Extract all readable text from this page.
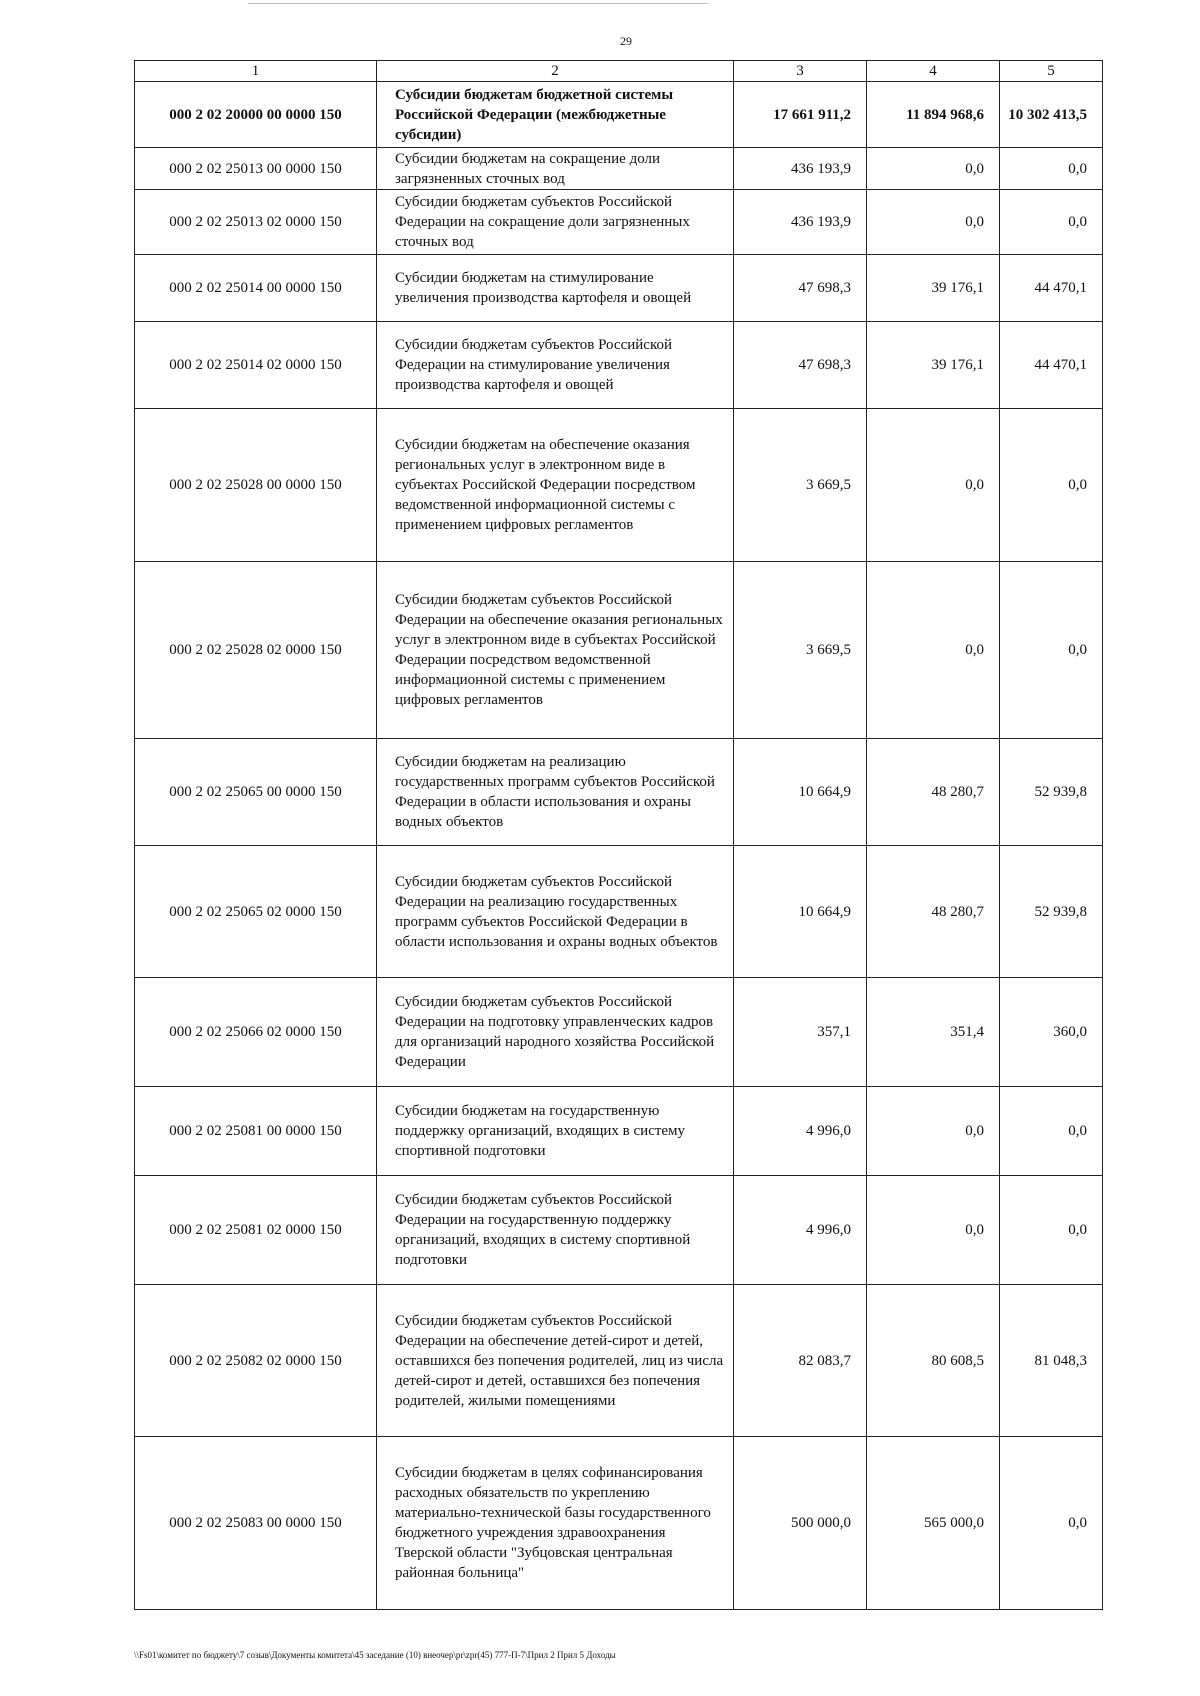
29
1	2	3	4	5
000 2 02 20000 00 0000 150	Субсидии бюджетам бюджетной системы Российской Федерации (межбюджетные субсидии)	17 661 911,2	11 894 968,6	10 302 413,5
000 2 02 25013 00 0000 150	Субсидии бюджетам на сокращение доли загрязненных сточных вод	436 193,9	0,0	0,0
000 2 02 25013 02 0000 150	Субсидии бюджетам субъектов Российской Федерации на сокращение доли загрязненных сточных вод	436 193,9	0,0	0,0
000 2 02 25014 00 0000 150	Субсидии бюджетам на стимулирование увеличения производства картофеля и овощей	47 698,3	39 176,1	44 470,1
000 2 02 25014 02 0000 150	Субсидии бюджетам субъектов Российской Федерации на стимулирование увеличения производства картофеля и овощей	47 698,3	39 176,1	44 470,1
000 2 02 25028 00 0000 150	Субсидии бюджетам на обеспечение оказания региональных услуг в электронном виде в субъектах Российской Федерации посредством ведомственной информационной системы с применением цифровых регламентов	3 669,5	0,0	0,0
000 2 02 25028 02 0000 150	Субсидии бюджетам субъектов Российской Федерации на обеспечение оказания региональных услуг в электронном виде в субъектах Российской Федерации посредством ведомственной информационной системы с применением цифровых регламентов	3 669,5	0,0	0,0
000 2 02 25065 00 0000 150	Субсидии бюджетам на реализацию государственных программ субъектов Российской Федерации в области использования и охраны водных объектов	10 664,9	48 280,7	52 939,8
000 2 02 25065 02 0000 150	Субсидии бюджетам субъектов Российской Федерации на реализацию государственных программ субъектов Российской Федерации в области использования и охраны водных объектов	10 664,9	48 280,7	52 939,8
000 2 02 25066 02 0000 150	Субсидии бюджетам субъектов Российской Федерации на подготовку управленческих кадров для организаций народного хозяйства Российской Федерации	357,1	351,4	360,0
000 2 02 25081 00 0000 150	Субсидии бюджетам на государственную поддержку организаций, входящих в систему спортивной подготовки	4 996,0	0,0	0,0
000 2 02 25081 02 0000 150	Субсидии бюджетам субъектов Российской Федерации на государственную поддержку организаций, входящих в систему спортивной подготовки	4 996,0	0,0	0,0
000 2 02 25082 02 0000 150	Субсидии бюджетам субъектов Российской Федерации на обеспечение детей-сирот и детей, оставшихся без попечения родителей, лиц из числа детей-сирот и детей, оставшихся без попечения родителей, жилыми помещениями	82 083,7	80 608,5	81 048,3
000 2 02 25083 00 0000 150	Субсидии бюджетам в целях софинансирования расходных обязательств по укреплению материально-технической базы государственного бюджетного учреждения здравоохранения Тверской области "Зубцовская центральная районная больница"	500 000,0	565 000,0	0,0
\\Fs01\комитет по бюджету\7 созыв\Документы комитета\45 заседание (10) внеочер\pr\zpr(45) 777-П-7\Прил 2 Прил 5 Доходы
